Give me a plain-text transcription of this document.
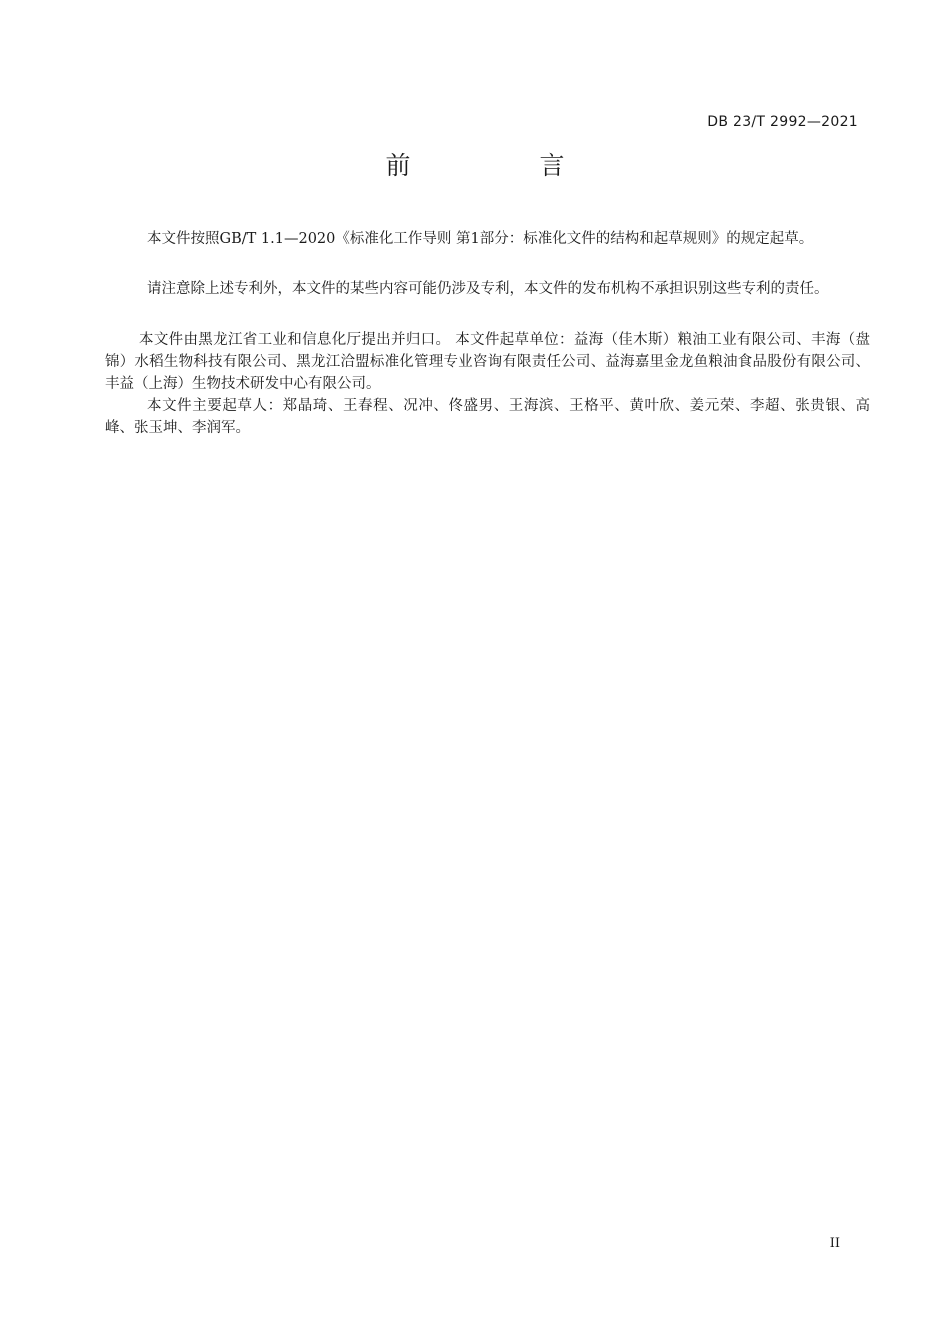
DB 23/T 2992—2021
前　言

本文件按照GB/T 1.1—2020《标准化工作导则 第1部分：标准化文件的结构和起草规则》的规定起草。

请注意除上述专利外，本文件的某些内容可能仍涉及专利，本文件的发布机构不承担识别这些专利的责任。

本文件由黑龙江省工业和信息化厅提出并归口。 本文件起草单位：益海（佳木斯）粮油工业有限公司、丰海（盘锦）水稻生物科技有限公司、黑龙江洽盟标准化管理专业咨询有限责任公司、益海嘉里金龙鱼粮油食品股份有限公司、丰益（上海）生物技术研发中心有限公司。

本文件主要起草人：郑晶琦、王春程、况冲、佟盛男、王海滨、王格平、黄叶欣、姜元荣、李超、张贵银、高峰、张玉坤、李润军。

II
